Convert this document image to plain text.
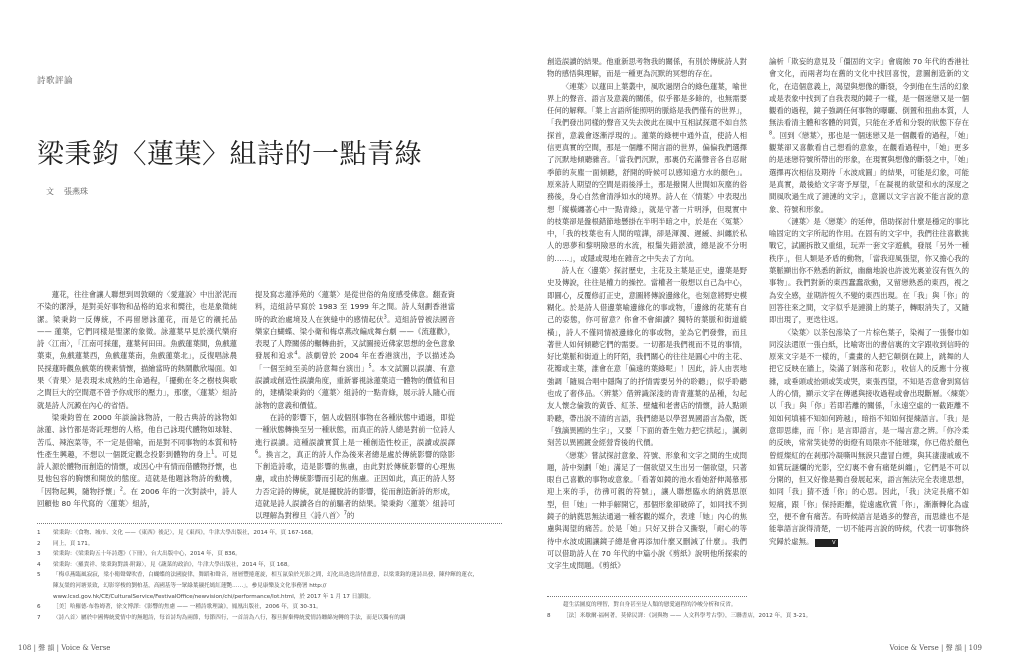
詩歌評論
梁秉鈞〈蓮葉〉組詩的一點青綠
文 張燕珠

蓮花，往往會讓人聯想到周敦頤的〈愛蓮說〉中出淤泥而不染的潔淨，是對美好事物和品格的追求和嚮往，也是象徵純潔。梁秉鈞一反傳統，不再留戀詠蓮花，而是它的襯托品 —— 蓮葉，它們同樣是聖潔的象徵。詠蓮葉早見於漢代樂府詩〈江南〉，「江南可採蓮，蓮葉何田田。魚戲蓮葉間，魚戲蓮葉東，魚戲蓮葉西，魚戲蓮葉南，魚戲蓮葉北」，反復唱詠農民採蓮時觀魚戲葉的樸素情懷，描繪當時的熱鬧歡欣場面。如果〈青果〉是表現未成熟的生命過程，「擺動在冬之樹枝與歌之間巨大的空間還不曾予你成形的壓力」，那麼，〈蓮葉〉組詩就是詩人沉澱在內心的省悟。

梁秉鈞曾在 2000 年談論詠物詩，一般古典詩的詠物如詠蓮、詠竹都是寄託理想的人格，他自己詠現代體物如球鞋、苦瓜、辣泡菜等，不一定是借喻，而是對不同事物的本質和特性產生興趣，不想以一個既定觀念投影到體物的身上$^1$。可見詩人源於體物而創造的情懷，或因心中有情而借體物抒懷，也見他包容的胸懷和開放的態度。這就是他題詠物詩的動機，「因物起興，隨物抒懷」$^2$。在 2006 年的一次對談中，詩人回顧他 80 年代寫的〈蓮葉〉組詩，

提及寫志蓮淨苑的〈蓮葉〉是從世俗的角度感受佛意。翻查資料，這組詩早寫於 1983 至 1999 年之間。詩人刻劃香港當時的政治處境及人在狹縫中的感情起伏$^3$。這組詩曾被法國音樂家白蝴蝶、梁小衛和梅卓燕改編成舞台劇 ——《流蓮歡》，表現了人際關係的輾轉曲折，又試圖接近佛家思想的金色意象發展和追求$^4$。該劇曾於 2004 年在香港演出，予以描述為「一個至純至美的詩意舞台演出」$^5$。本文試圖以誤讀、有意誤讀或創造性誤讀角度，重新審視詠蓮葉這一體物的價值和目的，建構梁秉鈞的〈蓮葉〉組詩的一點青綠，展示詩人隨心而詠物的意義和價值。

在詩的影響下，個人或個別事物在各種狀態中通過，即從一種狀態轉換至另一種狀態，而真正的詩人總是對前一位詩人進行誤讀。這種誤讀實質上是一種創造性校正，誤讀或誤譯$^6$。換言之，真正的詩人作為後來者總是處於傳統影響的陰影下創造詩歌，這是影響的焦慮，由此對於傳統影響的心理焦慮，或由於傳統影響而引起的焦慮。正因如此，真正的詩人努力否定詩的傳統，就是擺脫詩的影響，從而創造新詩的形成，這就是詩人誤讀各自的前驅者的結果。梁秉鈞〈蓮葉〉組詩可以理解為對穆旦〈詩八首〉$^7$的

1	梁秉鈞：〈食物、城市、文化 ——《東西》後記〉，見《東西》，牛津大學出版社，2014 年，頁 167-168。
2	同上，頁 171。
3	梁秉鈞：《梁秉鈞五十年詩選》（下冊），台大出版中心，2014 年，頁 836。
4	梁秉鈞：〈羅貴祥、梁秉鈞對談‧附錄〉，見《蔬菜的政治》，牛津大學出版社，2014 年，頁 168。
5	「梅卓燕臨風寂寂，梁小衛聲聲吹香，白蝴蝶的法國旋律，舞蹈和聲音，層層豐捲蓮旋，相互氤染於光影之間，幻化出迭迭詩情畫意，以梁秉鈞的蓮詩出發，陳仲輝的蓮衣，陳友榮的河塘景致，幻影穿梭的劉柏基，高國基等一眾綠葉襯托嫣紅蓮艷……」，參見康樂及文化事務署 http://
www.lcsd.gov.hk/CE/CulturalService/FestivalOffice/newvision/chi/performance/lot.html，於 2017 年 1 月 17 日讀取。
6	［美］哈羅德‧布魯姆著，徐文博譯：《影響的焦慮 —— 一種詩歌理論》，鳳凰出版社，2006 年，頁 30-31。
7	〈詩八首〉屬於中國傳統愛情中的無題詩，每首詩均為兩節，每節四行，一首詩為八行，穆旦摒棄傳統愛情詩纏綿宛轉的手法，而是以獨有的調
108 | 聲 韻 | Voice & Verse

創造誤讀的結果。他重新思考物我的關係，有別於傳統詩人對物的感悟與理解，而是一種更為沉默的冥想的存在。

〈連葉〉以蓮田上葉叢中，風吹過閉合的綠色蓮葉，喻世界上的聲音、語言及意義的關係，似乎都是多餘的，也無需要任何的解釋。「葉上言語所能照明的脈絡是我們僅有的世界」，「我們發出同樣的聲音又失去彼此在風中互相試探還不如自然探首，意義會逐漸浮現的」。蓮葉的綠梗中通外直，使詩人相信更真實的空間，那是一個離不開言語的世界，偏偏我們選擇了沉默地傾聽雜音。「當我們沉默，那裏仍充滿聲音各自忍耐季節的灰塵一面傾聽，舒開的時候可以感知遠方水的顏色」。原來詩人期望的空間是雨後淨土，那是撥開人世間如灰塵的俗務後，身心自然會清淨如水的境界。詩人在〈情葉〉中表現出想「縱橫纏著心中一點青綠」，就是守著一片明淨，但現實中的枝葉卻是盤根錯節地懸掛在半明半暗之中，於是在〈冤葉〉中，「我的枝葉也有人間的喧譁，卻是渾濁、遲緩、糾纏於私人的惡夢和黎明險惡的水流，根鬚失錯淤漬，總是說不分明的……」，或隱或現地在雜音之中失去了方向。

詩人在〈邊葉〉探討歷史，主花及主葉是正史，邊葉是野史及傳說，往往是權力的操控。當權者一般想以自己為中心，即圓心，反覆修訂正史，意圖將傳說邊緣化，也刻意將野史模糊化。於是詩人借邊葉喻邊緣化的事或物，「邊緣的花葉有自己的姿態，你可留意？你會不會細讀？獨特的葉脈和街道縱橫」，詩人不僅同情被邊緣化的事或物，並為它們發聲，而且著世人如何傾聽它們的需要。一切都是我們視而不見的事情，好比葉脈和街道上的阡陌，我們關心的往往是圓心中的主花、花瓣或主葉，誰會在意「偏遠的葉綠呢」！因此，詩人由衷地強調「隨風合唱中隱陶了的抒情需要另外的聆聽」，似乎聆聽也成了奢侈品。〈辨葉〉借辨識深淺的青青蓮葉的品種，勾起友人懷念倫敦的黃昏、紅茶、壁爐和老書店的情懷，詩人點頭聆聽，帶出說不清的言語，我們總是以學習異國語言為傲，既「強謫異國的生字」，又要「下面的蒼生勉力把它拱起」，諷刺刻苦以異國鍍金經營背後的代價。

〈戀葉〉嘗試探討意象、符號、形象和文字之間的生成問題，詩中刻劃「她」滿足了一個欲望又生出另一個欲望，只著眼自己喜歡的事物或意象。「看著如鏡的池水看她舒伸渴慕那迎上來的手，彷彿可親的符號」，讓人聯想臨水的納蕤思原型，但「她」一伸手解開它，那個形象卻破碎了，如同找不到鏡子的納蕤思無法通過一種客觀的媒介，表達「她」內心的焦慮與渴望的痛苦。於是「她」只好又拼合又撕裂，「耐心的等待中水波成圓讓鏡子總是會再添加什麼又刪減了什麼」。我們可以借助詩人在 70 年代的中篇小說《剪紙》說明他所探索的文字生成問題。《剪紙》

論析「欺妄的意見及「僵固的文字」會腐蝕 70 年代的香港社會文化，而兩者均在舊的文化中找回喜悅，意圖創造新的文化，在這個意義上，渴望與想像的斷裂，令到他在生活的幻象或是表象中找到了自我表現的鏡子一樣，是一個迷戀又是一個觀看的過程，鏡子強調任何事物的曝曬、倒置和扭曲本質，人無法看清主體和客體的同質，只能在矛盾和分裂的狀態下存在$^8$。回到〈戀葉〉，那也是一個迷戀又是一個觀看的過程，「她」觀葉卻又喜歡看自己想看的意象，在觀看過程中，「她」更多的是迷戀符號所帶出的形象，在現實與想像的斷裂之中，「她」選擇再次相信及期待「水波成圓」的結果，可能是幻象，可能是真實，最後給文字寄予厚望，「在凝視的欲望和水的深度之間風吹過生成了漣漣的文字」，意圖以文字言說不能言說的意象、符號和形象。

〈漣葉〉是〈戀葉〉的延伸，借助探討什麼是穩定的事比喻固定的文字所起的作用。在固有的文字中，我們往往喜歡挑戰它，試圖拆散又重組，玩弄一套文字遊戲，發展「另外一種秩序」，但人類是矛盾的動物，「當我迎風張望，你又擔心我的葉脈顯出你不熟悉的新紋，幽幽地說也許波光裏並沒有恆久的事物」。我們對新的東西蠢蠢欲動，又留戀熟悉的東西，視之為安全感，並期許恆久不變的東西出現。在「我」與「你」的回答往來之間，文字似乎是漣漪上的葉子，轉眼消失了，又隨即出現了，更迭往返。

〈染葉〉以茶包滲染了一片棕色葉子，染褐了一張餐巾如同沒法還原一張白紙，比喻寄出的書信裏的文字跟收到信時的原來文字是不一樣的，「畫畫的人把它顛倒在鏡上，跳舞的人把它反映在牆上，染滿了剝落和花影」，收信人的反應十分複雜，或垂頭或抬頭或笑或哭，東張西望，不知是否意會到寫信人的心情，顯示文字在傳遞與接收過程或會出現斷層。〈煉葉〉以「我」與「你」若即若離的關係，「永遠空虛的一截距離不知如何填補不知如何跨越」，暗指不知如何提煉語言。「我」是意即思維，而「你」是言即語言，是一場言意之辨。「你冷柔的反映，常常笑徒勞的街燈有局限亦不能璀璨，你已倦於顏色曾經燦紅的在剎那冷凝嘶叫無淚只盡冒白煙，與其淒淒戚戚不如賞玩謎爛的光影，空幻裏不會有痛楚糾纏」，它們是不可以分開的，但又好像是獨自發展起來，語言無法完全表達思想，如同「我」猜不透「你」的心思。因此，「我」決定長痛不如短痛，跟「你」保持距離，從遠處欣賞「你」，漸漸轉化為虛空，便不會有痛苦。有時候語言是過多的聲音，而思維也不是能靠語言說得清楚，一切不能再言說的時候，代表一切事物終究歸於虛無。	V

超生活圖度的理智，對自身甚至是人類的戀愛過程的冷峻分析和反省。
8	［法］米歇爾‧福柯著，莫偉民譯：《詞與物 —— 人文科學考古學》，三聯書店，2012 年，頁 3-21。
Voice & Verse | 聲 韻 | 109
